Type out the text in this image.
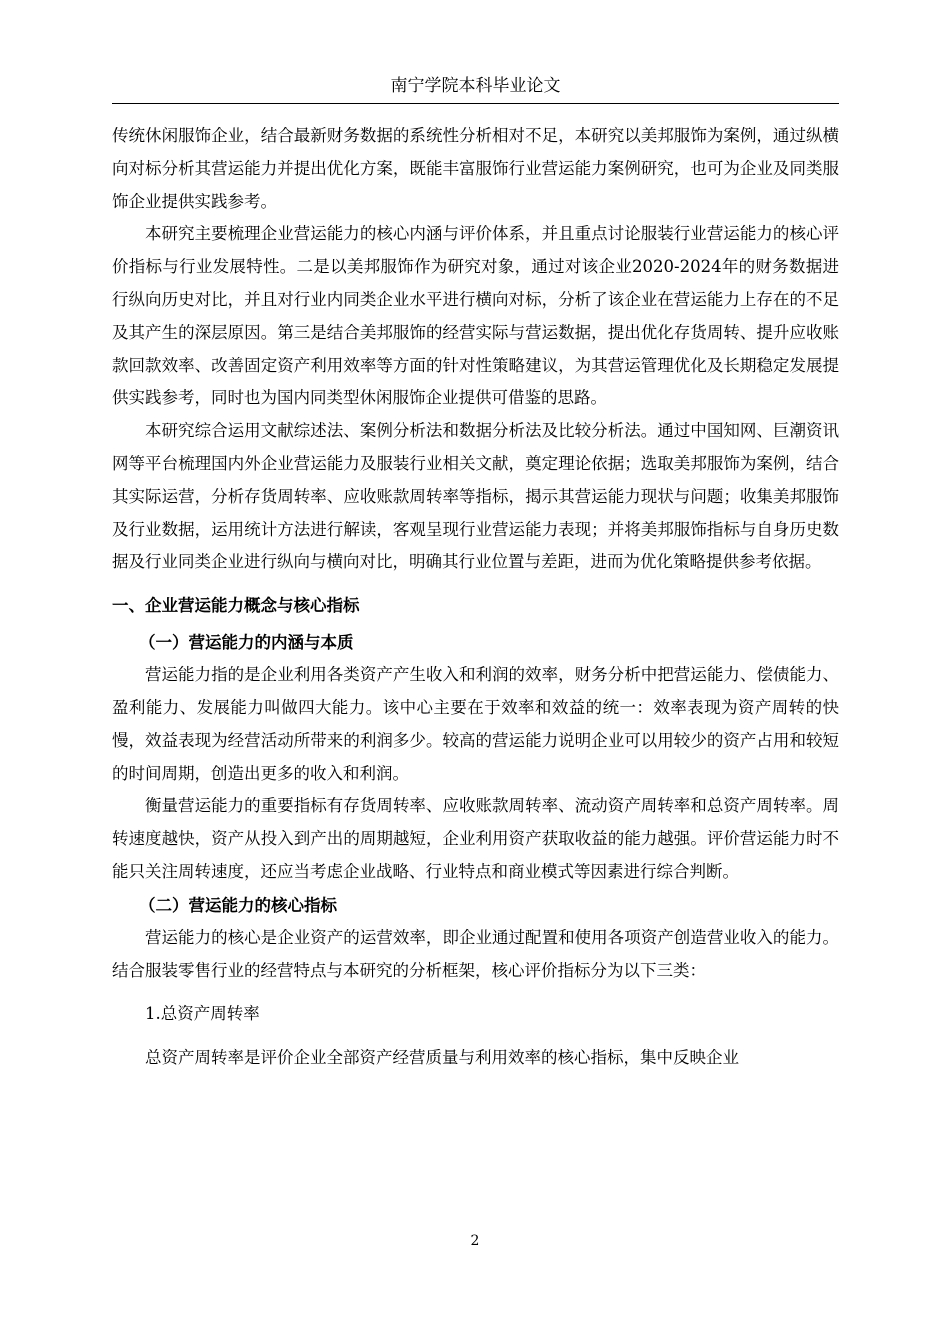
南宁学院本科毕业论文

传统休闲服饰企业，结合最新财务数据的系统性分析相对不足，本研究以美邦服饰为案例，通过纵横向对标分析其营运能力并提出优化方案，既能丰富服饰行业营运能力案例研究，也可为企业及同类服饰企业提供实践参考。

本研究主要梳理企业营运能力的核心内涵与评价体系，并且重点讨论服装行业营运能力的核心评价指标与行业发展特性。二是以美邦服饰作为研究对象，通过对该企业2020-2024年的财务数据进行纵向历史对比，并且对行业内同类企业水平进行横向对标，分析了该企业在营运能力上存在的不足及其产生的深层原因。第三是结合美邦服饰的经营实际与营运数据，提出优化存货周转、提升应收账款回款效率、改善固定资产利用效率等方面的针对性策略建议，为其营运管理优化及长期稳定发展提供实践参考，同时也为国内同类型休闲服饰企业提供可借鉴的思路。

本研究综合运用文献综述法、案例分析法和数据分析法及比较分析法。通过中国知网、巨潮资讯网等平台梳理国内外企业营运能力及服装行业相关文献，奠定理论依据；选取美邦服饰为案例，结合其实际运营，分析存货周转率、应收账款周转率等指标，揭示其营运能力现状与问题；收集美邦服饰及行业数据，运用统计方法进行解读，客观呈现行业营运能力表现；并将美邦服饰指标与自身历史数据及行业同类企业进行纵向与横向对比，明确其行业位置与差距，进而为优化策略提供参考依据。

一、企业营运能力概念与核心指标

（一）营运能力的内涵与本质

营运能力指的是企业利用各类资产产生收入和利润的效率，财务分析中把营运能力、偿债能力、盈利能力、发展能力叫做四大能力。该中心主要在于效率和效益的统一：效率表现为资产周转的快慢，效益表现为经营活动所带来的利润多少。较高的营运能力说明企业可以用较少的资产占用和较短的时间周期，创造出更多的收入和利润。

衡量营运能力的重要指标有存货周转率、应收账款周转率、流动资产周转率和总资产周转率。周转速度越快，资产从投入到产出的周期越短，企业利用资产获取收益的能力越强。评价营运能力时不能只关注周转速度，还应当考虑企业战略、行业特点和商业模式等因素进行综合判断。

（二）营运能力的核心指标

营运能力的核心是企业资产的运营效率，即企业通过配置和使用各项资产创造营业收入的能力。结合服装零售行业的经营特点与本研究的分析框架，核心评价指标分为以下三类：

1.总资产周转率

总资产周转率是评价企业全部资产经营质量与利用效率的核心指标，集中反映企业

2
